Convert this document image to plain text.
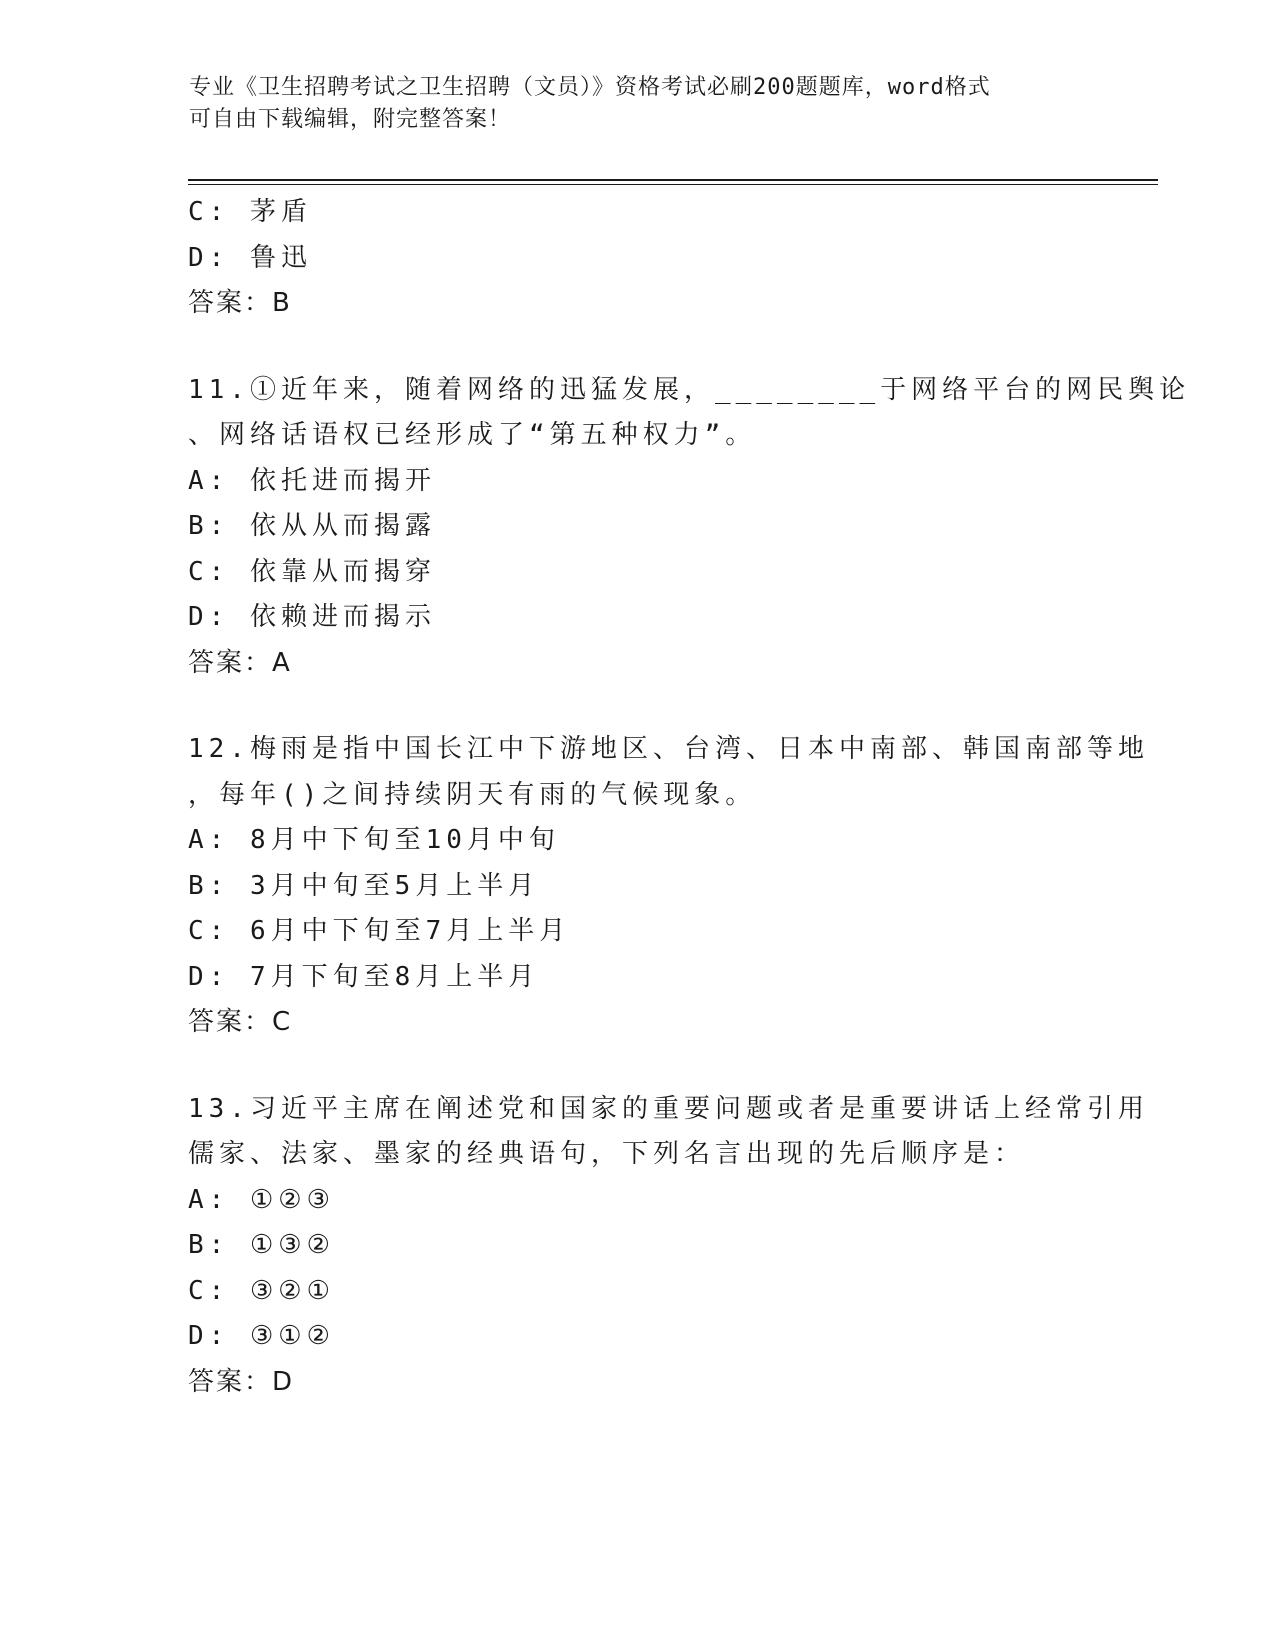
专业《卫生招聘考试之卫生招聘（文员）》资格考试必刷200题题库，word格式
可自由下载编辑，附完整答案！
C: 茅盾
D: 鲁迅
答案：B
11.①近年来，随着网络的迅猛发展，________于网络平台的网民舆论
、网络话语权已经形成了“第五种权力”。
A: 依托进而揭开
B: 依从从而揭露
C: 依靠从而揭穿
D: 依赖进而揭示
答案：A
12.梅雨是指中国长江中下游地区、台湾、日本中南部、韩国南部等地
，每年()之间持续阴天有雨的气候现象。
A: 8月中下旬至10月中旬
B: 3月中旬至5月上半月
C: 6月中下旬至7月上半月
D: 7月下旬至8月上半月
答案：C
13.习近平主席在阐述党和国家的重要问题或者是重要讲话上经常引用
儒家、法家、墨家的经典语句，下列名言出现的先后顺序是：
A: ①②③
B: ①③②
C: ③②①
D: ③①②
答案：D
